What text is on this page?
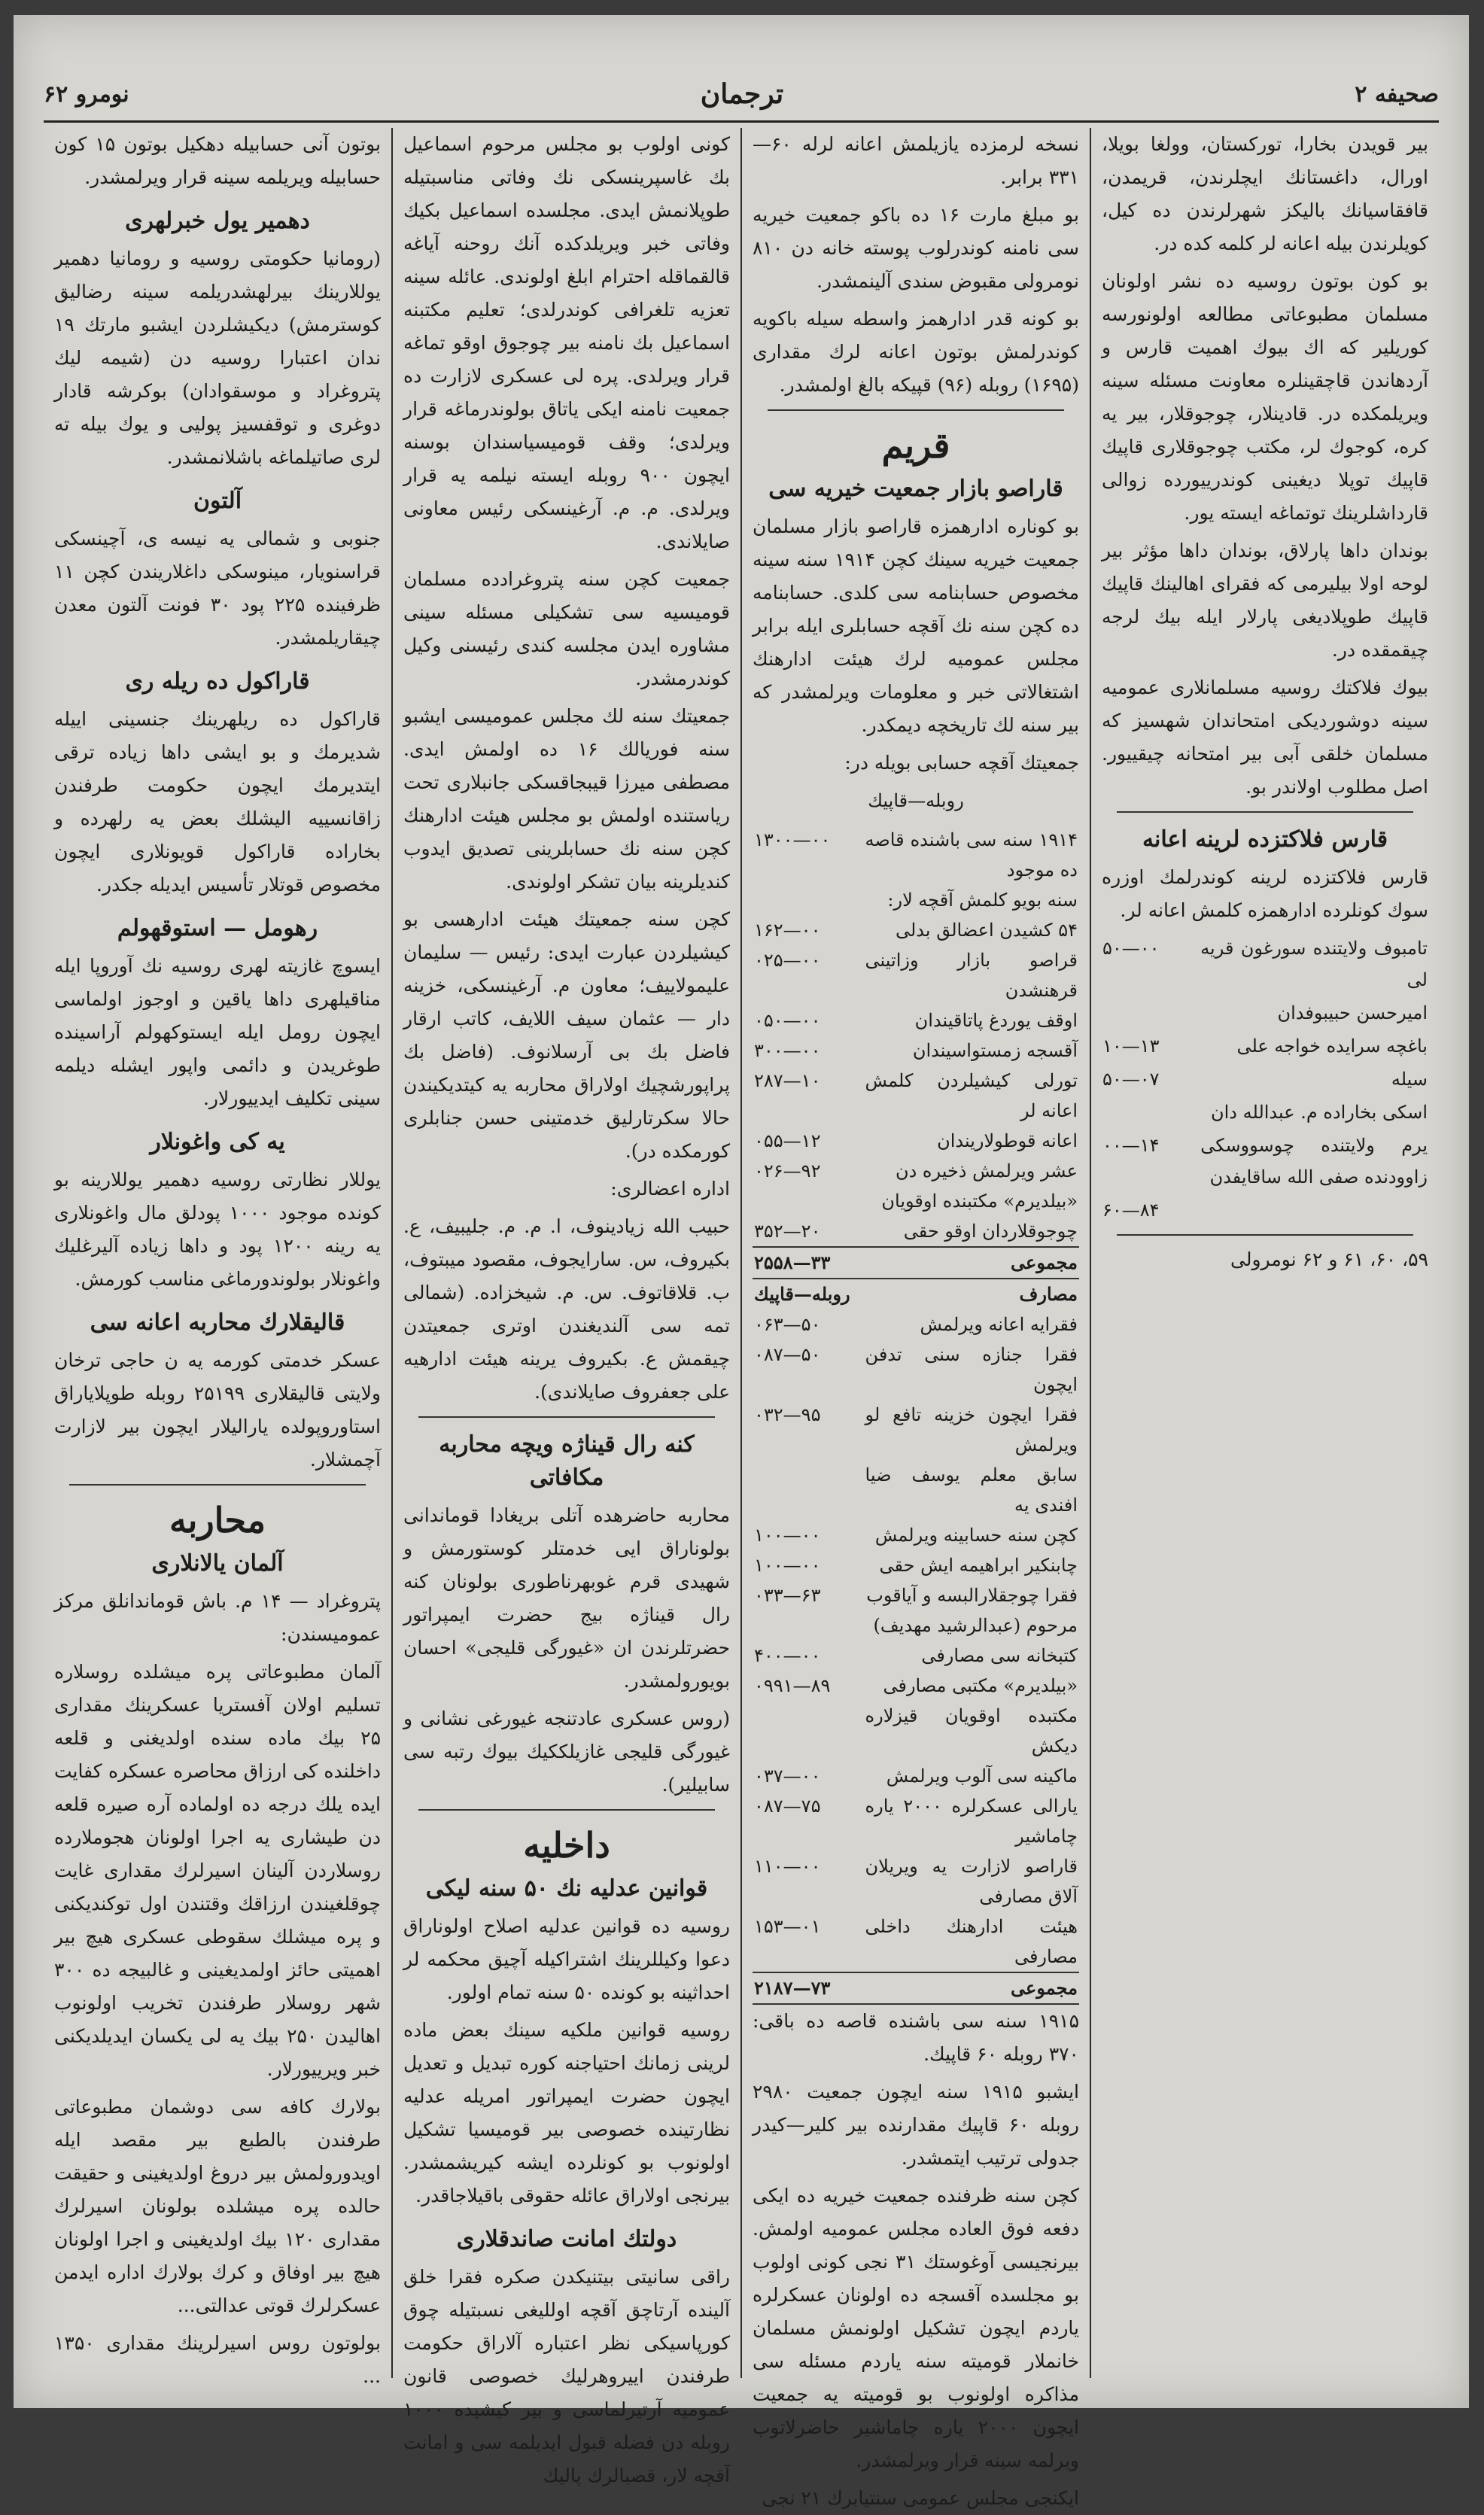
صحیفه ۲
ترجمان
نومرو ۶۲

بیر قویدن بخارا، توركستان، وولغا بویلا، اورال، داغستانك ایچلرندن، قریمدن، قافقاسیانك بالیكز شهرلرندن ده كیل، كویلرندن بیله اعانه لر كلمه كده در.

بو كون بوتون روسیه ده نشر اولونان مسلمان مطبوعاتی مطالعه اولونورسه كوریلیر كه اك بیوك اهمیت قارس و آردهاندن قاچقینلره معاونت مسئله سینه ویریلمكده در. قادینلار، چوجوقلار، بیر یه كره، كوجوك لر، مكتب چوجوقلاری قاپیك قاپیك توپلا دیغینی كوندرییورده زوالی قارداشلرینك توتماغه ایسته یور.

بوندان داها پارلاق، بوندان داها مؤثر بیر لوحه اولا بیلیرمی كه فقرای اهالینك قاپیك قاپیك طوپلادیغی پارلار ایله بیك لرجه چیقمقده در.

بیوك فلاكتك روسیه مسلمانلاری عمومیه سینه دوشوردیكی امتحاندان شهسیز كه مسلمان خلقی آبی بیر امتحانه چیقییور. اصل مطلوب اولاندر بو.

قارس فلاكتزده لرینه اعانه

قارس فلاكتزده لرینه كوندرلمك اوزره سوك كونلرده ادارهمزه كلمش اعانه لر.

تامبوف ولایتنده سورغون قریه لی	۵۰—۰۰
امیرحسن حبیبوفدان	
باغچه سرایده خواجه علی	۱۰—۱۳
سیله	۵۰—۰۷
اسكی بخاراده م. عبدالله دان	
یرم ولایتنده چوسووسكی زاوودنده صفی الله ساقایفدن	۰۰—۱۴
	۶۰—۸۴

۵۹، ۶۰، ۶۱ و ۶۲ نومرولی

نسخه لرمزده یازیلمش اعانه لرله ۶۰—۳۳۱ برابر.

بو مبلغ مارت ۱۶ ده باكو جمعیت خیریه سی نامنه كوندرلوب پوسته خانه دن ۸۱۰ نومرولی مقبوض سندی آلینمشدر.

بو كونه قدر ادارهمز واسطه سیله باكویه كوندرلمش بوتون اعانه لرك مقداری (۱۶۹۵) روبله (۹۶) قپیكه بالغ اولمشدر.

قریم
قاراصو بازار جمعیت خیریه سی

بو كوناره ادارهمزه قاراصو بازار مسلمان جمعیت خیریه سینك كچن ۱۹۱۴ سنه سینه مخصوص حسابنامه سی كلدی. حسابنامه ده كچن سنه نك آقچه حسابلری ایله برابر مجلس عمومیه لرك هیئت ادارهنك اشتغالاتی خبر و معلومات ویرلمشدر كه بیر سنه لك تاریخچه دیمكدر.

جمعیتك آقچه حسابی بویله در:

روبله—قاپیك
۱۹۱۴ سنه سی باشنده قاصه ده موجود	۱۳۰۰—۰۰
سنه بویو كلمش آقچه لار:	
۵۴ كشیدن اعضالق بدلی	۱۶۲—۰۰
قراصو بازار وزاتینی قرهنشدن	۰۲۵—۰۰
اوقف یوردغ پاتاقیندان	۰۵۰—۰۰
آقسجه زمستواسیندان	۳۰۰—۰۰
تورلی كیشیلردن كلمش اعانه لر	۲۸۷—۱۰
اعانه قوطولاریندان	۰۵۵—۱۲
عشر ویرلمش ذخیره دن	۰۲۶—۹۲
«بیلدیرم» مكتبنده اوقویان	
چوجوقلاردان اوقو حقی	۳۵۲—۲۰
مجموعی	۲۵۵۸—۳۳
مصارف	روبله—قاپیك
فقرایه اعانه ویرلمش	۰۶۳—۵۰
فقرا جنازه سنی تدفن ایچون	۰۸۷—۵۰
فقرا ایچون خزینه تافع لو ویرلمش	۰۳۲—۹۵
سابق معلم یوسف ضیا افندی یه	
كچن سنه حسابینه ویرلمش	۱۰۰—۰۰
چابنكیر ابراهیمه ایش حقی	۱۰۰—۰۰
فقرا چوجقلارالبسه و آیاقوب	۰۳۳—۶۳
مرحوم (عبدالرشید مهدیف)	
كتبخانه سی مصارفی	۴۰۰—۰۰
«بیلدیرم» مكتبی مصارفی	۰۹۹۱—۸۹
مكتبده اوقویان قیزلاره دیكش	
ماكینه سی آلوب ویرلمش	۰۳۷—۰۰
یارالی عسكرلره ۲۰۰۰ یاره چاماشیر	۰۸۷—۷۵
قاراصو لازارت یه ویریلان آلاق مصارفی	۱۱۰—۰۰
هیئت ادارهنك داخلی مصارفی	۱۵۳—۰۱
مجموعی	۲۱۸۷—۷۳

۱۹۱۵ سنه سی باشنده قاصه ده باقی: ۳۷۰ روبله ۶۰ قاپیك.

ایشبو ۱۹۱۵ سنه ایچون جمعیت ۲۹۸۰ روبله ۶۰ قاپیك مقدارنده بیر كلیر—كیدر جدولی ترتیب ایتمشدر.

كچن سنه ظرفنده جمعیت خیریه ده ایكی دفعه فوق العاده مجلس عمومیه اولمش. بیرنجیسی آوغوستك ۳۱ نجی كونی اولوب بو مجلسده آقسجه ده اولونان عسكرلره یاردم ایچون تشكیل اولونمش مسلمان خانملار قومیته سنه یاردم مسئله سی مذاكره اولونوب بو قومیته یه جمعیت ایچون ۲۰۰۰ یاره چاماشیر حاضرلاتوب ویرلمه سینه قرار ویرلمشدر.

ایكنجی مجلس عمومی سنتیابرك ۲۱ نجی

كونی اولوب بو مجلس مرحوم اسماعیل بك غاسپرینسكی نك وفاتی مناسبتیله طوپلانمش ایدی. مجلسده اسماعیل بكیك وفاتی خبر ویریلدكده آنك روحنه آیاغه قالقماقله احترام ابلغ اولوندی. عائله سینه تعزیه تلغرافی كوندرلدی؛ تعلیم مكتبنه اسماعیل بك نامنه بیر چوجوق اوقو تماغه قرار ویرلدی. پره لی عسكری لازارت ده جمعیت نامنه ایكی یاتاق بولوندرماغه قرار ویرلدی؛ وقف قومیسیاسندان بوسنه ایچون ۹۰۰ روبله ایسته نیلمه یه قرار ویرلدی. م. م. آرغینسكی رئیس معاونی صایلاندی.

جمعیت كچن سنه پتروغرادده مسلمان قومیسیه سی تشكیلی مسئله سینی مشاوره ایدن مجلسه كندی رئیسنی وكیل كوندرمشدر.

جمعیتك سنه لك مجلس عمومیسی ایشبو سنه فوریالك ۱۶ ده اولمش ایدی. مصطفی میرزا قیبجاقسكی جانبلاری تحت ریاستنده اولمش بو مجلس هیئت ادارهنك كچن سنه نك حسابلرینی تصدیق ایدوب كندیلرینه بیان تشكر اولوندی.

كچن سنه جمعیتك هیئت ادارهسی بو كیشیلردن عبارت ایدی: رئیس — سلیمان علیمولاییف؛ معاون م. آرغینسكی، خزینه دار — عثمان سیف اللایف، كاتب ارقار فاضل بك بی آرسلانوف. (فاضل بك پراپورشچیك اولاراق محاربه یه كیتدیكیندن حالا سكرتارلیق خدمتینی حسن جنابلری كورمكده در).

اداره اعضالری:

حبیب الله زیادینوف، ا. م. م. جلیبیف، ع. بكیروف، س. سارایجوف، مقصود میبتوف، ب. قلاقاتوف. س. م. شیخزاده. (شمالی تمه سی آلندیغندن اوتری جمعیتدن چیقمش ع. بكیروف یرینه هیئت ادارهیه علی جعفروف صایلاندی).

كنه رال قیناژه ویچه محاربه مكافاتی

محاربه حاضرهده آتلی بریغادا قوماندانی بولوناراق ایی خدمتلر كوستورمش و شهیدی قرم غوبهرناطوری بولونان كنه رال قیناژه بیج حضرت ایمپراتور حضرتلرندن ان «غیورگی قلیجی» احسان بویورولمشدر.

(روس عسكری عادتنجه غیورغی نشانی و غیورگی قلیجی غازیلككیك بیوك رتبه سی سابیلیر).

داخلیه
قوانین عدلیه نك ۵۰ سنه لیكی

روسیه ده قوانین عدلیه اصلاح اولوناراق دعوا وكیللرینك اشتراكیله آچیق محكمه لر احداثینه بو كونده ۵۰ سنه تمام اولور.

روسیه قوانین ملكیه سینك بعض ماده لرینی زمانك احتیاجنه كوره تبدیل و تعدیل ایچون حضرت ایمپراتور امریله عدلیه نظارتینده خصوصی بیر قومیسیا تشكیل اولونوب بو كونلرده ایشه كیریشمشدر. بیرنجی اولاراق عائله حقوقی باقیلاجاقدر.

دولتك امانت صاندقلاری

راقی سانیتی بیتنیكدن صكره فقرا خلق آلینده آرتاچق آقچه اوللیغی نسبتیله چوق كورپاسیكی نظر اعتباره آلاراق حكومت طرفندن اییروهرلیك خصوصی قانون عمومیه آرتیرلماسی و بیر كیشیده ۱۰۰۰ روبله دن فضله قبول ایدیلمه سی و امانت آقچه لار، قصبالرك پالیك

بوتون آنی حسابیله دهكیل بوتون ۱۵ كون حسابیله ویریلمه سینه قرار ویرلمشدر.

دهمیر یول خبرلهری

(رومانیا حكومتی روسیه و رومانیا دهمیر یوللارینك بیرلهشدریلمه سینه رضالیق كوسترمش) دیكیشلردن ایشبو مارتك ۱۹ ندان اعتبارا روسیه دن (شیمه لیك پتروغراد و موسقوادان) بوكرشه قادار دوغری و توقفسیز پولیی و یوك بیله ته لری صاتیلماغه باشلانمشدر.

آلتون

جنوبی و شمالی یه نیسه ی، آچینسكی قراسنویار، مینوسكی داغلاریندن كچن ۱۱ ظرفینده ۲۲۵ پود ۳۰ فونت آلتون معدن چیقاریلمشدر.

قاراكول ده ریله ری

قاراكول ده ریلهرینك جنسینی اییله شدیرمك و بو ایشی داها زیاده ترقی ایتدیرمك ایچون حكومت طرفندن زاقانسییه الیشلك بعض یه رلهرده و بخاراده قاراكول قویونلاری ایچون مخصوص قوتلار تأسیس ایدیله جكدر.

رهومل — استوقهولم

ایسوچ غازیته لهری روسیه نك آوروپا ایله مناقیلهری داها یاقین و اوجوز اولماسی ایچون رومل ایله ایستوكهولم آراسینده طوغریدن و دائمی واپور ایشله دیلمه سینی تكلیف ایدییورلار.

یه كی واغونلار

یوللار نظارتی روسیه دهمیر یوللارینه بو كونده موجود ۱۰۰۰ پودلق مال واغونلاری یه رینه ۱۲۰۰ پود و داها زیاده آلیرغلیك واغونلار بولوندورماغی مناسب كورمش.

قالیقلارك محاربه اعانه سی

عسكر خدمتی كورمه یه ن حاجی ترخان ولایتی قالیقلاری ۲۵۱۹۹ روبله طوپلایاراق استاوروپولده یارالیلار ایچون بیر لازارت آچمشلار.

محاربه
آلمان یالانلاری

پتروغراد — ۱۴ م. باش قوماندانلق مركز عمومیسندن:

آلمان مطبوعاتی پره میشلده روسلاره تسلیم اولان آفستریا عسكرینك مقداری ۲۵ بیك ماده سنده اولدیغنی و قلعه داخلنده كی ارزاق محاصره عسكره كفایت ایده یلك درجه ده اولماده آره صیره قلعه دن طیشاری یه اجرا اولونان هجوملارده روسلاردن آلینان اسیرلرك مقداری غایت چوقلغیندن ارزاقك وقتندن اول توكندیكنی و پره میشلك سقوطی عسكری هیچ بیر اهمیتی حائز اولمدیغینی و غالبیجه ده ۳۰۰ شهر روسلار طرفندن تخریب اولونوب اهالیدن ۲۵۰ بیك یه لی یكسان ایدیلدیكنی خبر ویرییورلار.

بولارك كافه سی دوشمان مطبوعاتی طرفندن بالطبع بیر مقصد ایله اویدورولمش بیر دروغ اولدیغینی و حقیقت حالده پره میشلده بولونان اسیرلرك مقداری ۱۲۰ بیك اولدیغینی و اجرا اولونان هیچ بیر اوفاق و كرك بولارك اداره ایدمن عسكرلرك قوتی عدالتی...

بولوتون روس اسیرلرینك مقداری ۱۳۵۰ ...
